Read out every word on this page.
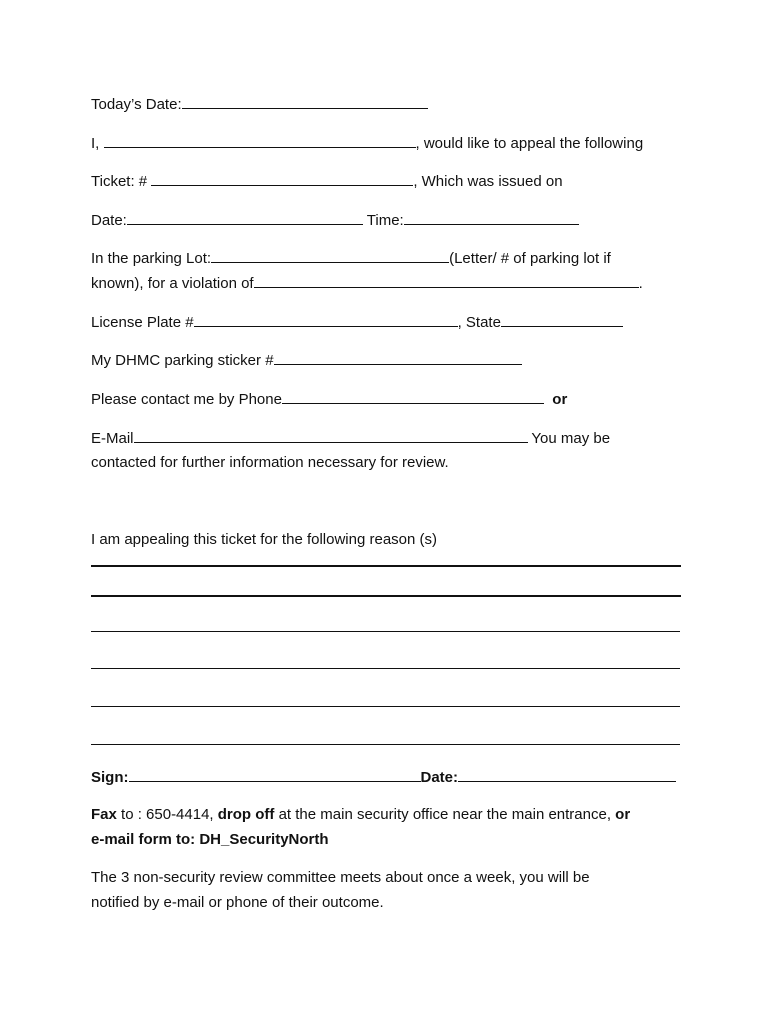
Today’s Date:
I,	, would like to appeal the following
Ticket: #	, Which was issued on
Date:	Time:
In the parking Lot:	(Letter/ # of parking lot if
known), for a violation of	.
License Plate #	, State
My DHMC parking sticker #
Please contact me by Phone	or
E-Mail	You may be
contacted for further information necessary for review.
I am appealing this ticket for the following reason (s)
Sign:	Date:
Fax to : 650-4414, drop off at the main security office near the main entrance, or
e-mail form to: DH_SecurityNorth
The 3 non-security review committee meets about once a week, you will be
notified by e-mail or phone of their outcome.
